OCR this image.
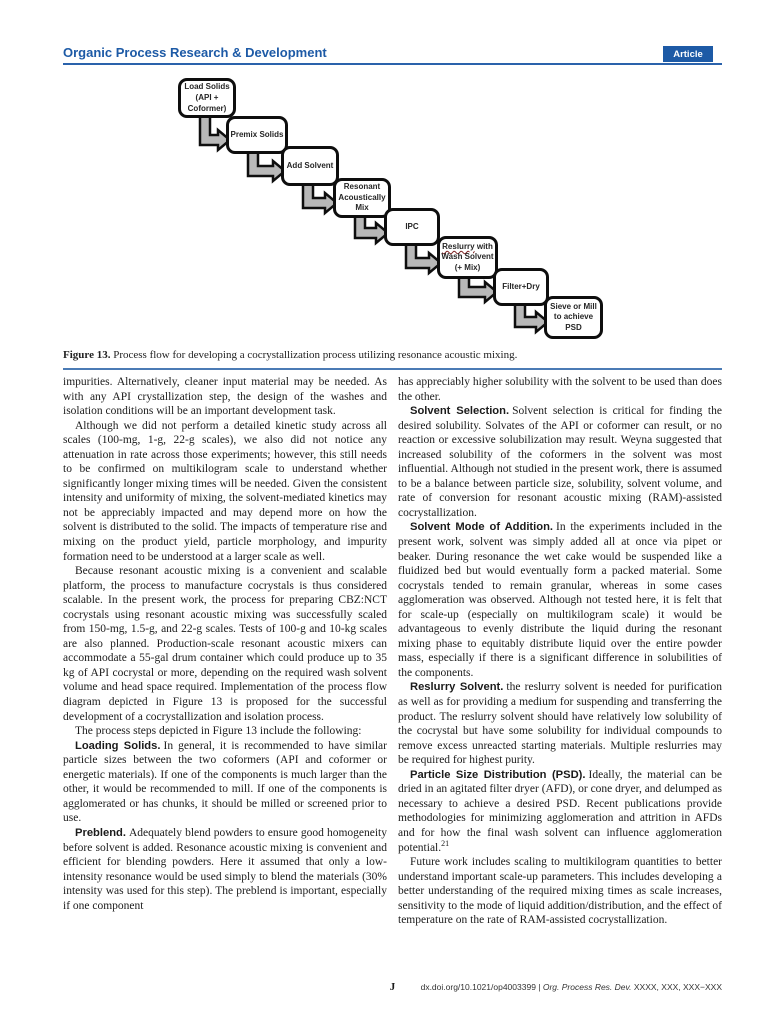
Organic Process Research & Development	Article
Load Solids
(API +
Coformer)
Premix Solids
Add Solvent
Resonant
Acoustically
Mix
IPC
Reslurry with
Wash Solvent
(+ Mix)
Filter+Dry
Sieve or Mill
to achieve
PSD
Figure 13. Process flow for developing a cocrystallization process utilizing resonance acoustic mixing.

impurities. Alternatively, cleaner input material may be needed. As with any API crystallization step, the design of the washes and isolation conditions will be an important development task.

Although we did not perform a detailed kinetic study across all scales (100-mg, 1-g, 22-g scales), we also did not notice any attenuation in rate across those experiments; however, this still needs to be confirmed on multikilogram scale to understand whether significantly longer mixing times will be needed. Given the consistent intensity and uniformity of mixing, the solvent-mediated kinetics may not be appreciably impacted and may depend more on how the solvent is distributed to the solid. The impacts of temperature rise and mixing on the product yield, particle morphology, and impurity formation need to be understood at a larger scale as well.

Because resonant acoustic mixing is a convenient and scalable platform, the process to manufacture cocrystals is thus considered scalable. In the present work, the process for preparing CBZ:NCT cocrystals using resonant acoustic mixing was successfully scaled from 150-mg, 1.5-g, and 22-g scales. Tests of 100-g and 10-kg scales are also planned. Production-scale resonant acoustic mixers can accommodate a 55-gal drum container which could produce up to 35 kg of API cocrystal or more, depending on the required wash solvent volume and head space required. Implementation of the process flow diagram depicted in Figure 13 is proposed for the successful development of a cocrystallization and isolation process.

The process steps depicted in Figure 13 include the following:

Loading Solids. In general, it is recommended to have similar particle sizes between the two coformers (API and coformer or energetic materials). If one of the components is much larger than the other, it would be recommended to mill. If one of the components is agglomerated or has chunks, it should be milled or screened prior to use.

Preblend. Adequately blend powders to ensure good homogeneity before solvent is added. Resonance acoustic mixing is convenient and efficient for blending powders. Here it assumed that only a low-intensity resonance would be used simply to blend the materials (30% intensity was used for this step). The preblend is important, especially if one component

has appreciably higher solubility with the solvent to be used than does the other.

Solvent Selection. Solvent selection is critical for finding the desired solubility. Solvates of the API or coformer can result, or no reaction or excessive solubilization may result. Weyna suggested that increased solubility of the coformers in the solvent was most influential. Although not studied in the present work, there is assumed to be a balance between particle size, solubility, solvent volume, and rate of conversion for resonant acoustic mixing (RAM)-assisted cocrystallization.

Solvent Mode of Addition. In the experiments included in the present work, solvent was simply added all at once via pipet or beaker. During resonance the wet cake would be suspended like a fluidized bed but would eventually form a packed material. Some cocrystals tended to remain granular, whereas in some cases agglomeration was observed. Although not tested here, it is felt that for scale-up (especially on multikilogram scale) it would be advantageous to evenly distribute the liquid during the resonant mixing phase to equitably distribute liquid over the entire powder mass, especially if there is a significant difference in solubilities of the components.

Reslurry Solvent. the reslurry solvent is needed for purification as well as for providing a medium for suspending and transferring the product. The reslurry solvent should have relatively low solubility of the cocrystal but have some solubility for individual compounds to remove excess unreacted starting materials. Multiple reslurries may be required for highest purity.

Particle Size Distribution (PSD). Ideally, the material can be dried in an agitated filter dryer (AFD), or cone dryer, and delumped as necessary to achieve a desired PSD. Recent publications provide methodologies for minimizing agglomeration and attrition in AFDs and for how the final wash solvent can influence agglomeration potential.$^{21}$

Future work includes scaling to multikilogram quantities to better understand important scale-up parameters. This includes developing a better understanding of the required mixing times as scale increases, sensitivity to the mode of liquid addition/distribution, and the effect of temperature on the rate of RAM-assisted cocrystallization.

J	dx.doi.org/10.1021/op4003399 | Org. Process Res. Dev. XXXX, XXX, XXX−XXX
